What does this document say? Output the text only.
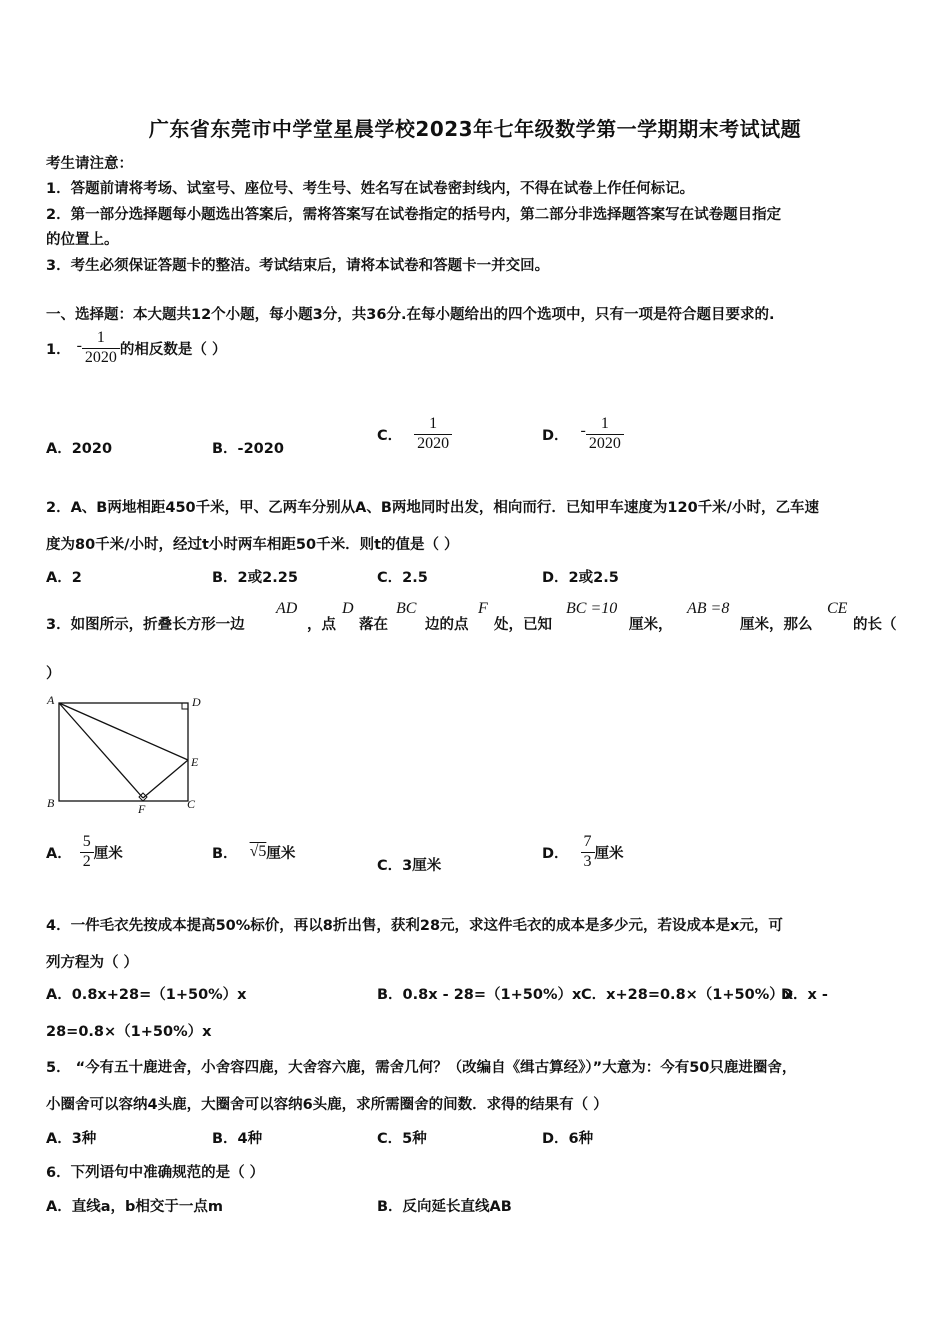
广东省东莞市中学堂星晨学校2023年七年级数学第一学期期末考试试题
考生请注意：
1．答题前请将考场、试室号、座位号、考生号、姓名写在试卷密封线内，不得在试卷上作任何标记。
2．第一部分选择题每小题选出答案后，需将答案写在试卷指定的括号内，第二部分非选择题答案写在试卷题目指定
的位置上。
3．考生必须保证答题卡的整洁。考试结束后，请将本试卷和答题卡一并交回。
一、选择题：本大题共12个小题，每小题3分，共36分.在每小题给出的四个选项中，只有一项是符合题目要求的.
1． - $\frac{1}{2020}$ 的相反数是（ ）
A．2020	B．-2020
C． $\frac{1}{2020}$	D． - $\frac{1}{2020}$
2．A、B两地相距450千米，甲、乙两车分别从A、B两地同时出发，相向而行．已知甲车速度为120千米/小时，乙车速
度为80千米/小时，经过t小时两车相距50千米．则t的值是（ ）
A．2	B．2或2.25	C．2.5	D．2或2.5
3．如图所示，折叠长方形一边
AD
，点
D
落在
BC
边的点
F
处，已知
BC =10
厘米，
AB =8
厘米，那么
CE
的长（
）
A	D
E
B	F	C
A． $\frac{5}{2}$ 厘米	B． √5 厘米
C．3厘米
D． $\frac{7}{3}$ 厘米
4．一件毛衣先按成本提高50%标价，再以8折出售，获利28元，求这件毛衣的成本是多少元，若设成本是x元，可
列方程为（ ）
A．0.8x+28=（1+50%）x	B．0.8x - 28=（1+50%）x C．x+28=0.8×（1+50%）x
D．x -
28=0.8×（1+50%）x
5． “今有五十鹿进舍，小舍容四鹿，大舍容六鹿，需舍几何？（改编自《缉古算经》）”大意为：今有50只鹿进圈舍，
小圈舍可以容纳4头鹿，大圈舍可以容纳6头鹿，求所需圈舍的间数．求得的结果有（ ）
A．3种	B．4种	C．5种	D．6种
6．下列语句中准确规范的是（ ）
A．直线a，b相交于一点m	B．反向延长直线AB
